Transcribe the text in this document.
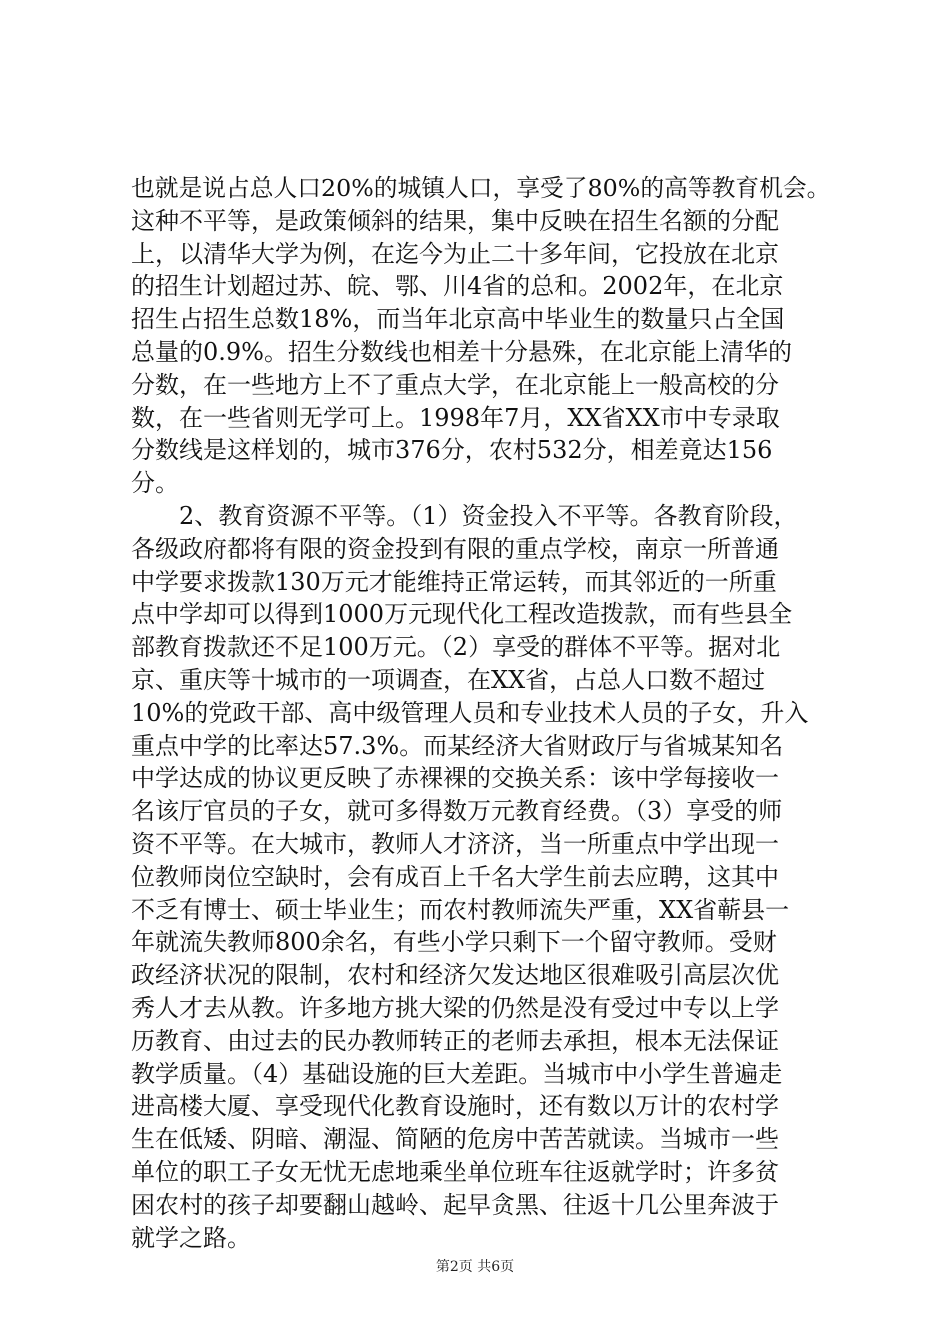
也就是说占总人口20%的城镇人口，享受了80%的高等教育机会。
这种不平等，是政策倾斜的结果，集中反映在招生名额的分配
上，以清华大学为例，在迄今为止二十多年间，它投放在北京
的招生计划超过苏、皖、鄂、川4省的总和。2002年，在北京
招生占招生总数18%，而当年北京高中毕业生的数量只占全国
总量的0.9%。招生分数线也相差十分悬殊，在北京能上清华的
分数，在一些地方上不了重点大学，在北京能上一般高校的分
数，在一些省则无学可上。1998年7月，XX省XX市中专录取
分数线是这样划的，城市376分，农村532分，相差竟达156
分。
　　2、教育资源不平等。（1）资金投入不平等。各教育阶段，
各级政府都将有限的资金投到有限的重点学校，南京一所普通
中学要求拨款130万元才能维持正常运转，而其邻近的一所重
点中学却可以得到1000万元现代化工程改造拨款，而有些县全
部教育拨款还不足100万元。（2）享受的群体不平等。据对北
京、重庆等十城市的一项调查，在XX省，占总人口数不超过
10%的党政干部、高中级管理人员和专业技术人员的子女，升入
重点中学的比率达57.3%。而某经济大省财政厅与省城某知名
中学达成的协议更反映了赤裸裸的交换关系：该中学每接收一
名该厅官员的子女，就可多得数万元教育经费。（3）享受的师
资不平等。在大城市，教师人才济济，当一所重点中学出现一
位教师岗位空缺时，会有成百上千名大学生前去应聘，这其中
不乏有博士、硕士毕业生；而农村教师流失严重，XX省蕲县一
年就流失教师800余名，有些小学只剩下一个留守教师。受财
政经济状况的限制，农村和经济欠发达地区很难吸引高层次优
秀人才去从教。许多地方挑大梁的仍然是没有受过中专以上学
历教育、由过去的民办教师转正的老师去承担，根本无法保证
教学质量。（4）基础设施的巨大差距。当城市中小学生普遍走
进高楼大厦、享受现代化教育设施时，还有数以万计的农村学
生在低矮、阴暗、潮湿、简陋的危房中苦苦就读。当城市一些
单位的职工子女无忧无虑地乘坐单位班车往返就学时；许多贫
困农村的孩子却要翻山越岭、起早贪黑、往返十几公里奔波于
就学之路。
第2页 共6页
